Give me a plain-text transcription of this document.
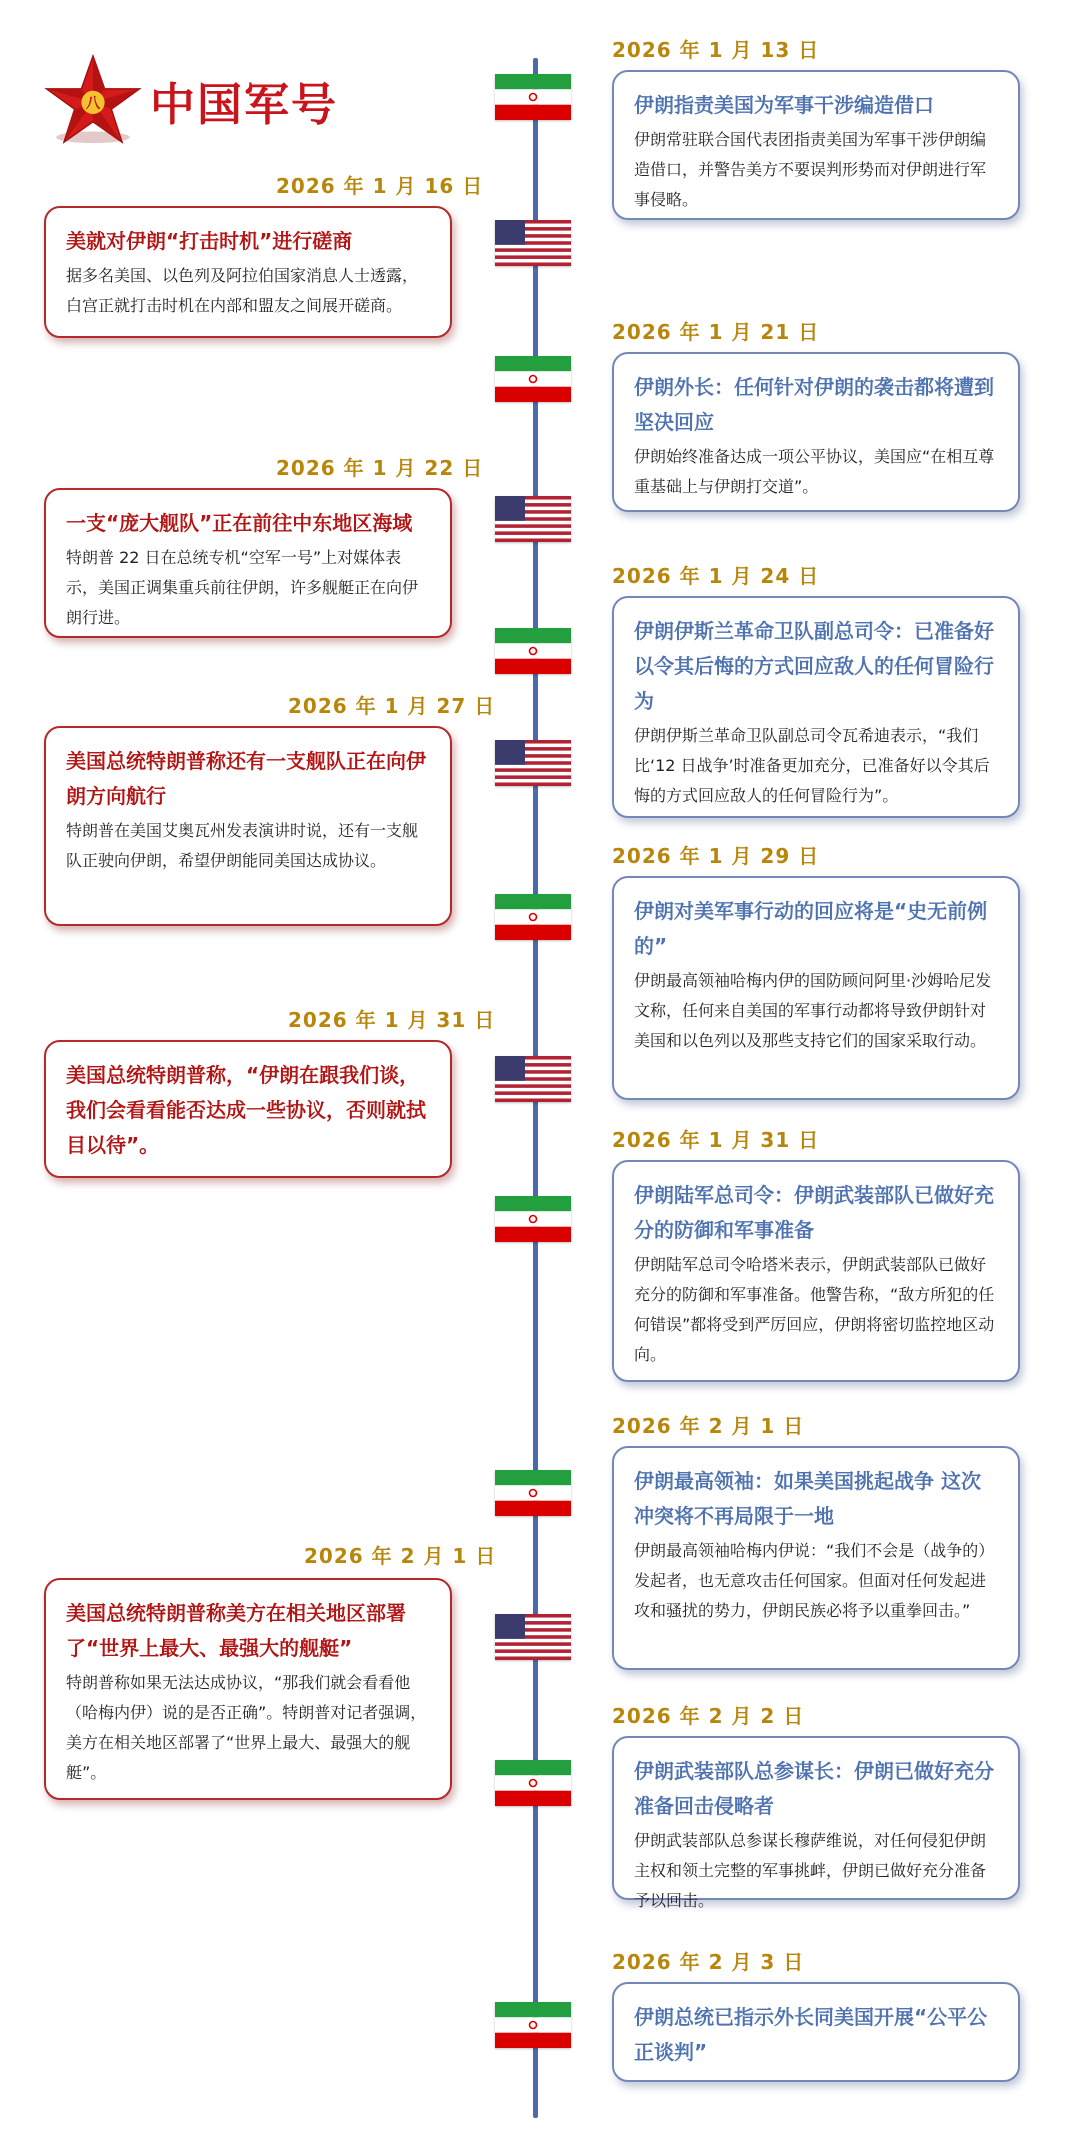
八 中国军号
2026 年 1 月 13 日
伊朗指责美国为军事干涉编造借口
伊朗常驻联合国代表团指责美国为军事干涉伊朗编造借口，并警告美方不要误判形势而对伊朗进行军事侵略。
2026 年 1 月 16 日
美就对伊朗“打击时机”进行磋商
据多名美国、以色列及阿拉伯国家消息人士透露，白宫正就打击时机在内部和盟友之间展开磋商。
2026 年 1 月 21 日
伊朗外长：任何针对伊朗的袭击都将遭到坚决回应
伊朗始终准备达成一项公平协议，美国应“在相互尊重基础上与伊朗打交道”。
2026 年 1 月 22 日
一支“庞大舰队”正在前往中东地区海域
特朗普 22 日在总统专机“空军一号”上对媒体表示，美国正调集重兵前往伊朗，许多舰艇正在向伊朗行进。
2026 年 1 月 24 日
伊朗伊斯兰革命卫队副总司令：已准备好以令其后悔的方式回应敌人的任何冒险行为
伊朗伊斯兰革命卫队副总司令瓦希迪表示，“我们比‘12 日战争’时准备更加充分，已准备好以令其后悔的方式回应敌人的任何冒险行为”。
2026 年 1 月 27 日
美国总统特朗普称还有一支舰队正在向伊朗方向航行
特朗普在美国艾奥瓦州发表演讲时说，还有一支舰队正驶向伊朗，希望伊朗能同美国达成协议。	2026 年 1 月 29 日
伊朗对美军事行动的回应将是“史无前例的”
伊朗最高领袖哈梅内伊的国防顾问阿里·沙姆哈尼发文称，任何来自美国的军事行动都将导致伊朗针对美国和以色列以及那些支持它们的国家采取行动。
2026 年 1 月 31 日
美国总统特朗普称，“伊朗在跟我们谈，我们会看看能否达成一些协议，否则就拭目以待”。	2026 年 1 月 31 日
伊朗陆军总司令：伊朗武装部队已做好充分的防御和军事准备
伊朗陆军总司令哈塔米表示，伊朗武装部队已做好充分的防御和军事准备。他警告称，“敌方所犯的任何错误”都将受到严厉回应，伊朗将密切监控地区动向。
2026 年 2 月 1 日
伊朗最高领袖：如果美国挑起战争 这次冲突将不再局限于一地
伊朗最高领袖哈梅内伊说：“我们不会是（战争的）发起者，也无意攻击任何国家。但面对任何发起进攻和骚扰的势力，伊朗民族必将予以重拳回击。”
2026 年 2 月 1 日
美国总统特朗普称美方在相关地区部署了“世界上最大、最强大的舰艇”
特朗普称如果无法达成协议，“那我们就会看看他（哈梅内伊）说的是否正确”。特朗普对记者强调，美方在相关地区部署了“世界上最大、最强大的舰艇”。
2026 年 2 月 2 日
伊朗武装部队总参谋长：伊朗已做好充分准备回击侵略者
伊朗武装部队总参谋长穆萨维说，对任何侵犯伊朗主权和领土完整的军事挑衅，伊朗已做好充分准备予以回击。
2026 年 2 月 3 日
伊朗总统已指示外长同美国开展“公平公正谈判”
